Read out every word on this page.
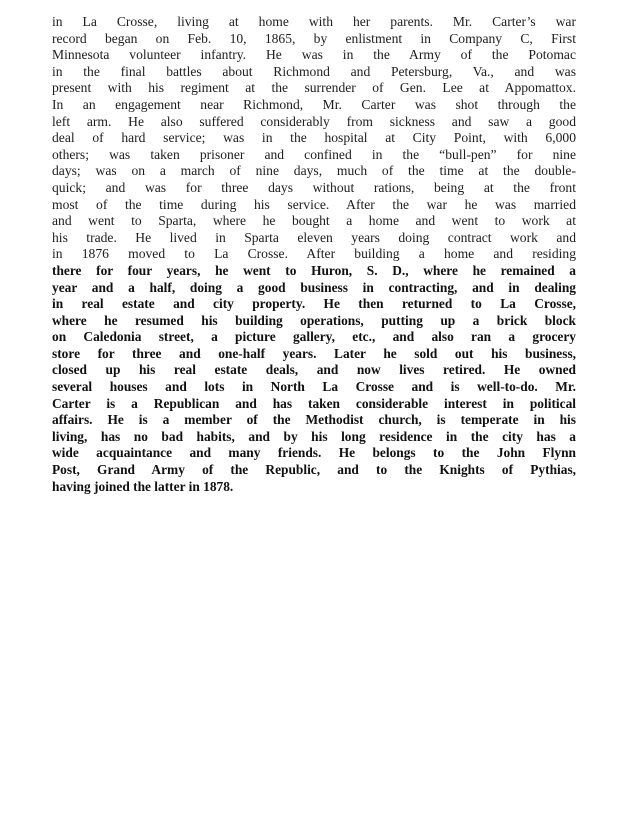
in La Crosse, living at home with her parents. Mr. Carter’s war
record began on Feb. 10, 1865, by enlistment in Company C, First
Minnesota volunteer infantry. He was in the Army of the Potomac
in the final battles about Richmond and Petersburg, Va., and was
present with his regiment at the surrender of Gen. Lee at Appomattox.
In an engagement near Richmond, Mr. Carter was shot through the
left arm. He also suffered considerably from sickness and saw a good
deal of hard service; was in the hospital at City Point, with 6,000
others; was taken prisoner and confined in the “bull-pen” for nine
days; was on a march of nine days, much of the time at the double-
quick; and was for three days without rations, being at the front
most of the time during his service. After the war he was married
and went to Sparta, where he bought a home and went to work at
his trade. He lived in Sparta eleven years doing contract work and
in 1876 moved to La Crosse. After building a home and residing
there for four years, he went to Huron, S. D., where he remained a
year and a half, doing a good business in contracting, and in dealing
in real estate and city property. He then returned to La Crosse,
where he resumed his building operations, putting up a brick block
on Caledonia street, a picture gallery, etc., and also ran a grocery
store for three and one-half years. Later he sold out his business,
closed up his real estate deals, and now lives retired. He owned
several houses and lots in North La Crosse and is well-to-do. Mr.
Carter is a Republican and has taken considerable interest in political
affairs. He is a member of the Methodist church, is temperate in his
living, has no bad habits, and by his long residence in the city has a
wide acquaintance and many friends. He belongs to the John Flynn
Post, Grand Army of the Republic, and to the Knights of Pythias,
having joined the latter in 1878.
